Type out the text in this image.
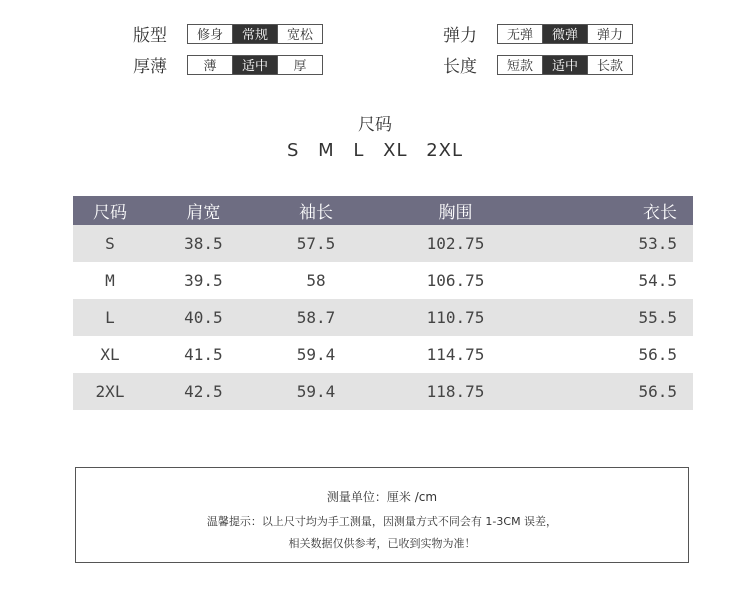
版型	修身	常规	宽松	弹力	无弹	微弹	弹力
厚薄	薄	适中	厚	长度	短款	适中	长款
尺码
S M L XL 2XL
尺码	肩宽	袖长	胸围	衣长
S	38.5	57.5	102.75	53.5
M	39.5	58	106.75	54.5
L	40.5	58.7	110.75	55.5
XL	41.5	59.4	114.75	56.5
2XL	42.5	59.4	118.75	56.5
测量单位：厘米 /cm
温馨提示：以上尺寸均为手工测量，因测量方式不同会有 1-3CM 误差，
相关数据仅供参考，已收到实物为准！
